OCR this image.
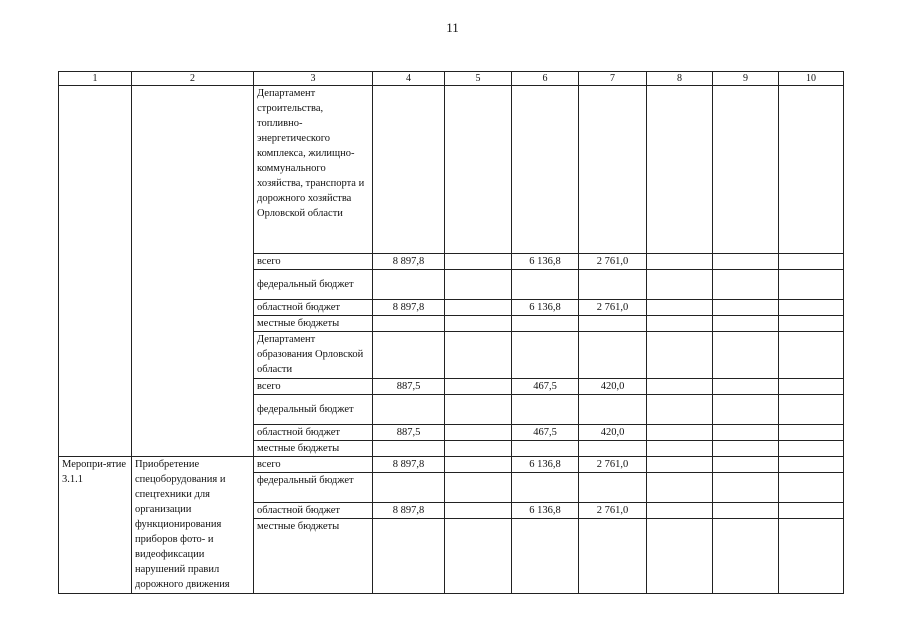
11
1	2	3	4	5	6	7	8	9	10
		Департамент строительства, топливно-энергетического комплекса, жилищно-коммунального хозяйства, транспорта и дорожного хозяйства Орловской области							
		всего	8 897,8		6 136,8	2 761,0			
		федеральный бюджет							
		областной бюджет	8 897,8		6 136,8	2 761,0			
		местные бюджеты							
		Департамент образования Орловской области							
		всего	887,5		467,5	420,0			
		федеральный бюджет							
		областной бюджет	887,5		467,5	420,0			
		местные бюджеты							
Меропри-ятие 3.1.1	Приобретение спецоборудования и спецтехники для организации функционирования приборов фото- и видеофиксации нарушений правил дорожного движения	всего	8 897,8		6 136,8	2 761,0			
		федеральный бюджет							
		областной бюджет	8 897,8		6 136,8	2 761,0			
		местные бюджеты							
